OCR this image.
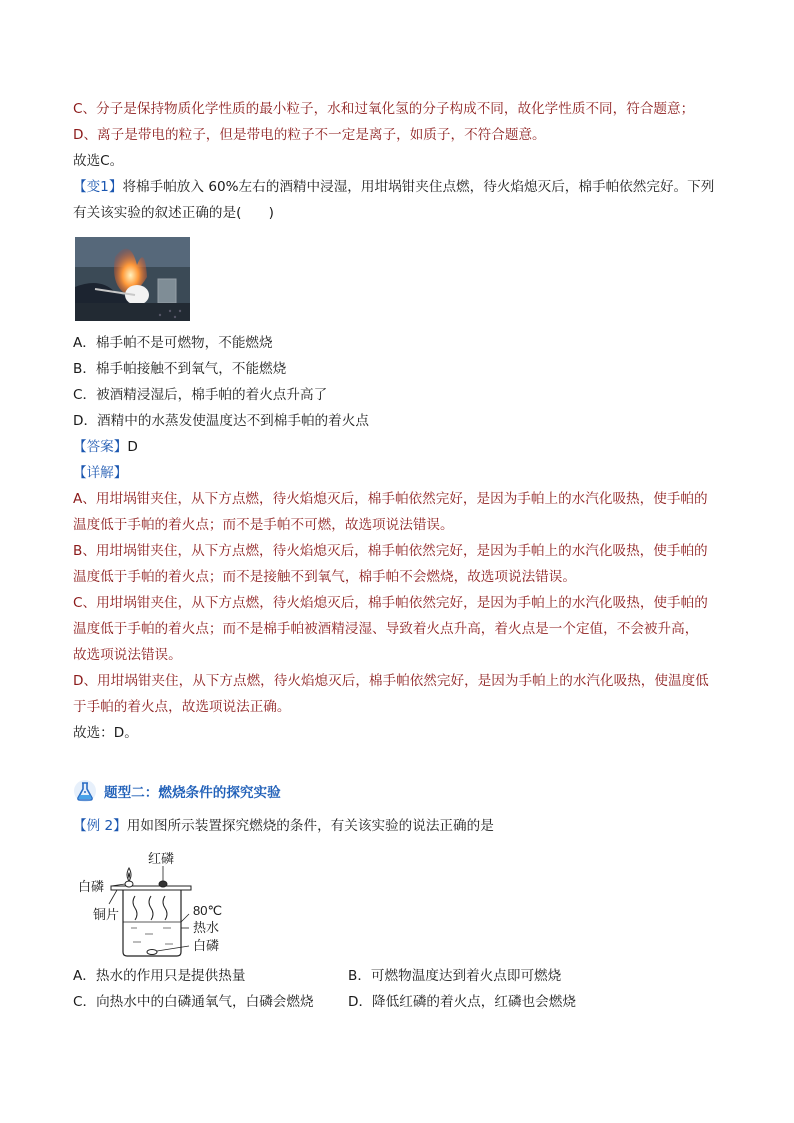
C、分子是保持物质化学性质的最小粒子，水和过氧化氢的分子构成不同，故化学性质不同，符合题意；
D、离子是带电的粒子，但是带电的粒子不一定是离子，如质子，不符合题意。
故选C。
【变1】将棉手帕放入 60%左右的酒精中浸湿，用坩埚钳夹住点燃，待火焰熄灭后，棉手帕依然完好。下列
有关该实验的叙述正确的是(　　)
A．棉手帕不是可燃物，不能燃烧
B．棉手帕接触不到氧气，不能燃烧
C．被酒精浸湿后，棉手帕的着火点升高了
D．酒精中的水蒸发使温度达不到棉手帕的着火点
【答案】D
【详解】
A、用坩埚钳夹住，从下方点燃，待火焰熄灭后，棉手帕依然完好，是因为手帕上的水汽化吸热，使手帕的
温度低于手帕的着火点；而不是手帕不可燃，故选项说法错误。
B、用坩埚钳夹住，从下方点燃，待火焰熄灭后，棉手帕依然完好，是因为手帕上的水汽化吸热，使手帕的
温度低于手帕的着火点；而不是接触不到氧气，棉手帕不会燃烧，故选项说法错误。
C、用坩埚钳夹住，从下方点燃，待火焰熄灭后，棉手帕依然完好，是因为手帕上的水汽化吸热，使手帕的
温度低于手帕的着火点；而不是棉手帕被酒精浸湿、导致着火点升高，着火点是一个定值，不会被升高，
故选项说法错误。
D、用坩埚钳夹住，从下方点燃，待火焰熄灭后，棉手帕依然完好，是因为手帕上的水汽化吸热，使温度低
于手帕的着火点，故选项说法正确。
故选：D。
题型二：燃烧条件的探究实验
【例 2】用如图所示装置探究燃烧的条件，有关该实验的说法正确的是
红磷
白磷
铜片	80℃
热水
白磷
A．热水的作用只是提供热量	B．可燃物温度达到着火点即可燃烧
C．向热水中的白磷通氧气，白磷会燃烧	D．降低红磷的着火点，红磷也会燃烧
